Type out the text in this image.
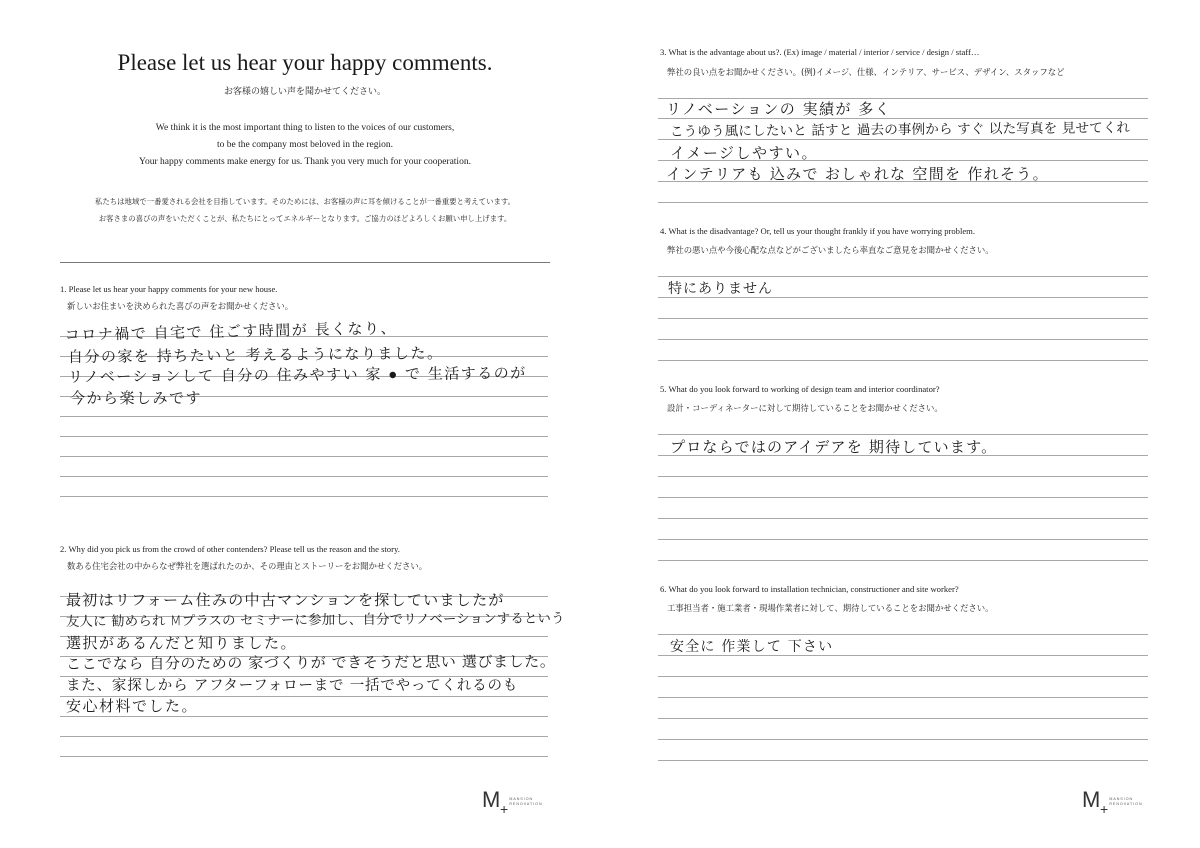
Please let us hear your happy comments.
お客様の嬉しい声を聞かせてください。
We think it is the most important thing to listen to the voices of our customers,
to be the company most beloved in the region.
Your happy comments make energy for us. Thank you very much for your cooperation.
私たちは地域で一番愛される会社を目指しています。そのためには、お客様の声に耳を傾けることが一番重要と考えています。
お客さまの喜びの声をいただくことが、私たちにとってエネルギーとなります。ご協力のほどよろしくお願い申し上げます。
1. Please let us hear your happy comments for your new house.
新しいお住まいを決められた喜びの声をお聞かせください。
コロナ禍で 自宅で 住ごす時間が 長くなり、
自分の家を 持ちたいと 考えるようになりました。
リノベーションして 自分の 住みやすい 家 ● で 生活するのが
今から楽しみです
2. Why did you pick us from the crowd of other contenders? Please tell us the reason and the story.
数ある住宅会社の中からなぜ弊社を選ばれたのか、その理由とストーリーをお聞かせください。
最初はリフォーム住みの中古マンションを探していましたが
友人に 勧められ Mプラスの セミナーに参加し、自分でリノベーションするという
選択があるんだと知りました。
ここでなら 自分のための 家づくりが できそうだと思い 選びました。
また、家探しから アフターフォローまで 一括でやってくれるのも
安心材料でした。
M +
MANSION
RENOVATION
3. What is the advantage about us?. (Ex) image / material / interior / service / design / staff…
弊社の良い点をお聞かせください。(例)イメージ、仕様、インテリア、サービス、デザイン、スタッフなど
リノベーションの 実績が 多く
こうゆう風にしたいと 話すと 過去の事例から すぐ 以た写真を 見せてくれ
イメージしやすい。
インテリアも 込みで おしゃれな 空間を 作れそう。
4. What is the disadvantage? Or, tell us your thought frankly if you have worrying problem.
弊社の悪い点や今後心配な点などがございましたら率直なご意見をお聞かせください。
特にありません
5. What do you look forward to working of design team and interior coordinator?
設計・コーディネーターに対して期待していることをお聞かせください。
プロならではのアイデアを 期待しています。
6. What do you look forward to installation technician, constructioner and site worker?
工事担当者・施工業者・現場作業者に対して、期待していることをお聞かせください。
安全に 作業して 下さい
M +
MANSION
RENOVATION
